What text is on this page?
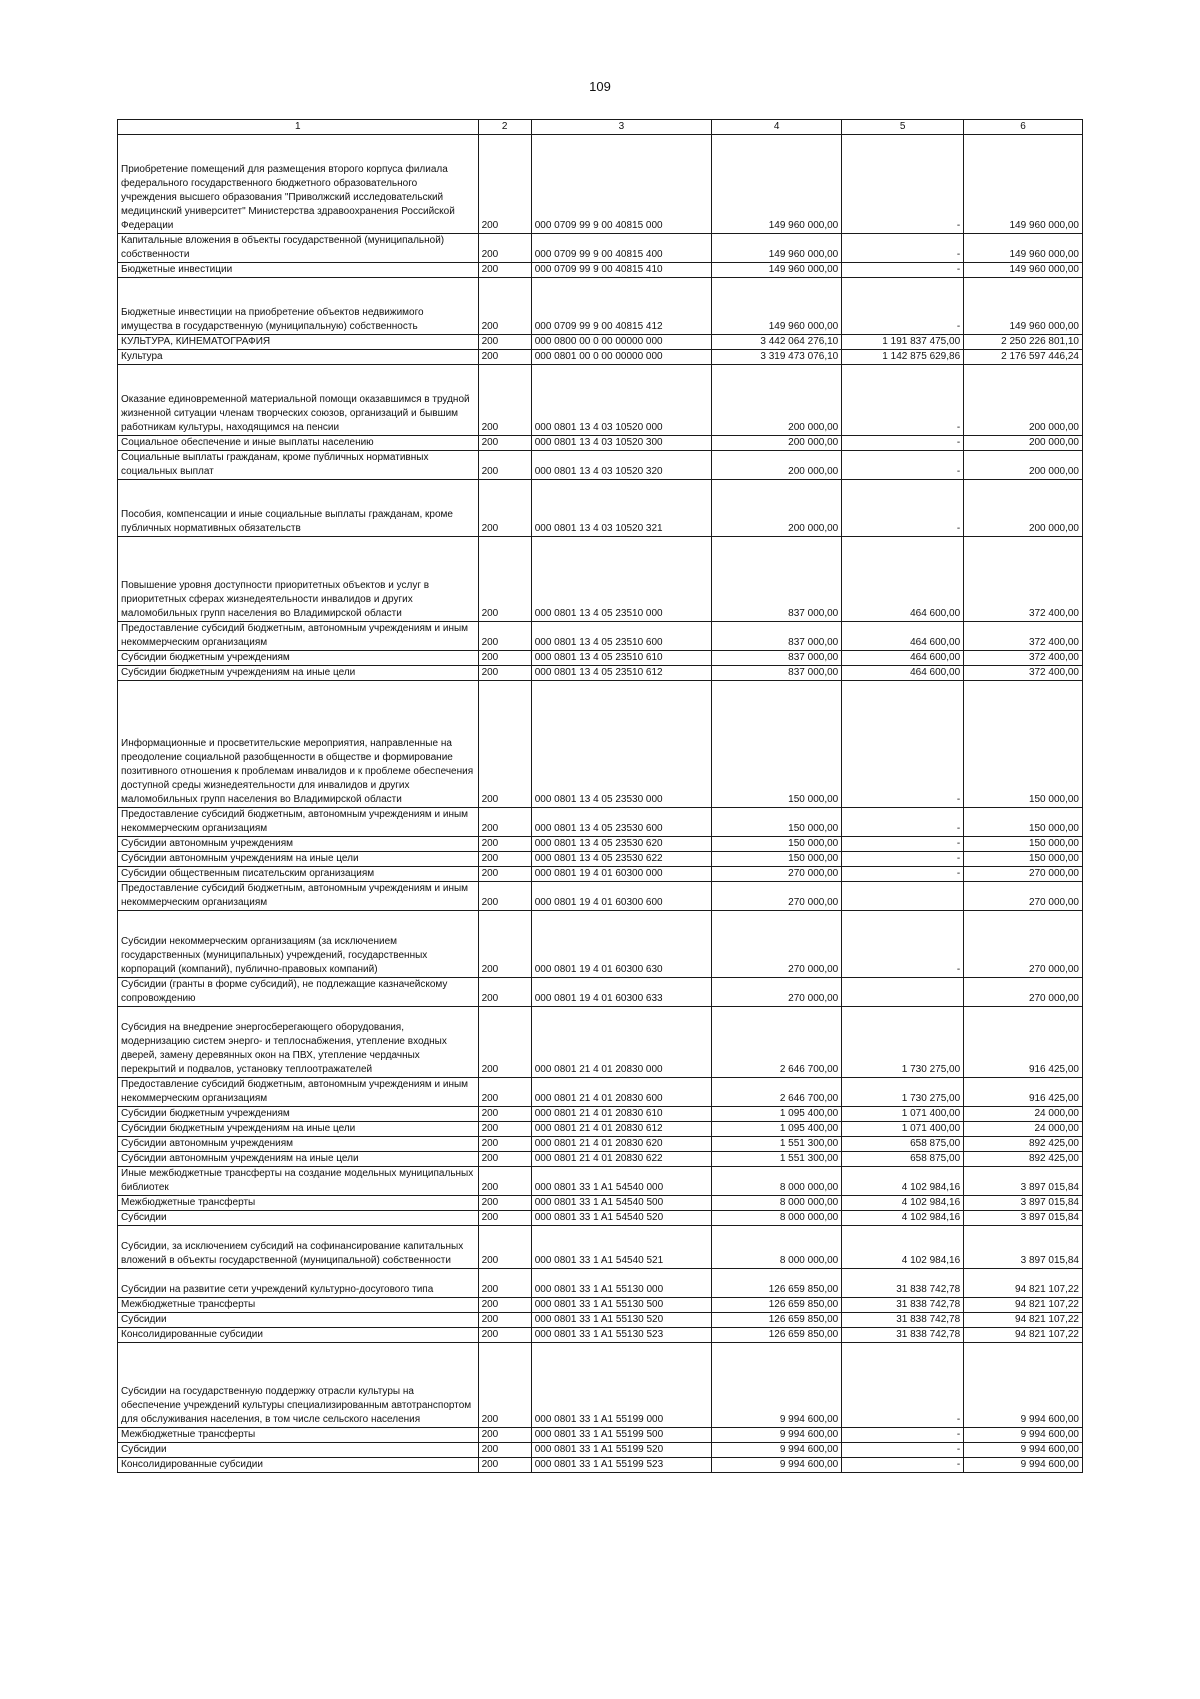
109
1	2	3	4	5	6
Приобретение помещений для размещения второго корпуса филиала федерального государственного бюджетного образовательного учреждения высшего образования "Приволжский исследовательский медицинский университет" Министерства здравоохранения Российской Федерации	200	000 0709 99 9 00 40815 000	149 960 000,00	-	149 960 000,00
Капитальные вложения в объекты государственной (муниципальной) собственности	200	000 0709 99 9 00 40815 400	149 960 000,00	-	149 960 000,00
Бюджетные инвестиции	200	000 0709 99 9 00 40815 410	149 960 000,00	-	149 960 000,00
Бюджетные инвестиции на приобретение объектов недвижимого имущества в государственную (муниципальную) собственность	200	000 0709 99 9 00 40815 412	149 960 000,00	-	149 960 000,00
КУЛЬТУРА, КИНЕМАТОГРАФИЯ	200	000 0800 00 0 00 00000 000	3 442 064 276,10	1 191 837 475,00	2 250 226 801,10
Культура	200	000 0801 00 0 00 00000 000	3 319 473 076,10	1 142 875 629,86	2 176 597 446,24
Оказание единовременной материальной помощи оказавшимся в трудной жизненной ситуации членам творческих союзов, организаций и бывшим работникам культуры, находящимся на пенсии	200	000 0801 13 4 03 10520 000	200 000,00	-	200 000,00
Социальное обеспечение и иные выплаты населению	200	000 0801 13 4 03 10520 300	200 000,00	-	200 000,00
Социальные выплаты гражданам, кроме публичных нормативных социальных выплат	200	000 0801 13 4 03 10520 320	200 000,00	-	200 000,00
Пособия, компенсации и иные социальные выплаты гражданам, кроме публичных нормативных обязательств	200	000 0801 13 4 03 10520 321	200 000,00	-	200 000,00
Повышение уровня доступности приоритетных объектов и услуг в приоритетных сферах жизнедеятельности инвалидов и других маломобильных групп населения во Владимирской области	200	000 0801 13 4 05 23510 000	837 000,00	464 600,00	372 400,00
Предоставление субсидий бюджетным, автономным учреждениям и иным некоммерческим организациям	200	000 0801 13 4 05 23510 600	837 000,00	464 600,00	372 400,00
Субсидии бюджетным учреждениям	200	000 0801 13 4 05 23510 610	837 000,00	464 600,00	372 400,00
Субсидии бюджетным учреждениям на иные цели	200	000 0801 13 4 05 23510 612	837 000,00	464 600,00	372 400,00
Информационные и просветительские мероприятия, направленные на преодоление социальной разобщенности в обществе и формирование позитивного отношения к проблемам инвалидов и к проблеме обеспечения доступной среды жизнедеятельности для инвалидов и других маломобильных групп населения во Владимирской области	200	000 0801 13 4 05 23530 000	150 000,00	-	150 000,00
Предоставление субсидий бюджетным, автономным учреждениям и иным некоммерческим организациям	200	000 0801 13 4 05 23530 600	150 000,00	-	150 000,00
Субсидии автономным учреждениям	200	000 0801 13 4 05 23530 620	150 000,00	-	150 000,00
Субсидии автономным учреждениям на иные цели	200	000 0801 13 4 05 23530 622	150 000,00	-	150 000,00
Субсидии общественным писательским организациям	200	000 0801 19 4 01 60300 000	270 000,00	-	270 000,00
Предоставление субсидий бюджетным, автономным учреждениям и иным некоммерческим организациям	200	000 0801 19 4 01 60300 600	270 000,00		270 000,00
Субсидии некоммерческим организациям (за исключением государственных (муниципальных) учреждений, государственных корпораций (компаний), публично-правовых компаний)	200	000 0801 19 4 01 60300 630	270 000,00	-	270 000,00
Субсидии (гранты в форме субсидий), не подлежащие казначейскому сопровождению	200	000 0801 19 4 01 60300 633	270 000,00		270 000,00
Субсидия на внедрение энергосберегающего оборудования, модернизацию систем энерго- и теплоснабжения, утепление входных дверей, замену деревянных окон на ПВХ, утепление чердачных перекрытий и подвалов, установку теплоотражателей	200	000 0801 21 4 01 20830 000	2 646 700,00	1 730 275,00	916 425,00
Предоставление субсидий бюджетным, автономным учреждениям и иным некоммерческим организациям	200	000 0801 21 4 01 20830 600	2 646 700,00	1 730 275,00	916 425,00
Субсидии бюджетным учреждениям	200	000 0801 21 4 01 20830 610	1 095 400,00	1 071 400,00	24 000,00
Субсидии бюджетным учреждениям на иные цели	200	000 0801 21 4 01 20830 612	1 095 400,00	1 071 400,00	24 000,00
Субсидии автономным учреждениям	200	000 0801 21 4 01 20830 620	1 551 300,00	658 875,00	892 425,00
Субсидии автономным учреждениям на иные цели	200	000 0801 21 4 01 20830 622	1 551 300,00	658 875,00	892 425,00
Иные межбюджетные трансферты на создание модельных муниципальных библиотек	200	000 0801 33 1 A1 54540 000	8 000 000,00	4 102 984,16	3 897 015,84
Межбюджетные трансферты	200	000 0801 33 1 A1 54540 500	8 000 000,00	4 102 984,16	3 897 015,84
Субсидии	200	000 0801 33 1 A1 54540 520	8 000 000,00	4 102 984,16	3 897 015,84
Субсидии, за исключением субсидий на софинансирование капитальных вложений в объекты государственной (муниципальной) собственности	200	000 0801 33 1 A1 54540 521	8 000 000,00	4 102 984,16	3 897 015,84
Субсидии на развитие сети учреждений культурно-досугового типа	200	000 0801 33 1 A1 55130 000	126 659 850,00	31 838 742,78	94 821 107,22
Межбюджетные трансферты	200	000 0801 33 1 A1 55130 500	126 659 850,00	31 838 742,78	94 821 107,22
Субсидии	200	000 0801 33 1 A1 55130 520	126 659 850,00	31 838 742,78	94 821 107,22
Консолидированные субсидии	200	000 0801 33 1 A1 55130 523	126 659 850,00	31 838 742,78	94 821 107,22
Субсидии на государственную поддержку отрасли культуры на обеспечение учреждений культуры специализированным автотранспортом для обслуживания населения, в том числе сельского населения	200	000 0801 33 1 A1 55199 000	9 994 600,00	-	9 994 600,00
Межбюджетные трансферты	200	000 0801 33 1 A1 55199 500	9 994 600,00	-	9 994 600,00
Субсидии	200	000 0801 33 1 A1 55199 520	9 994 600,00	-	9 994 600,00
Консолидированные субсидии	200	000 0801 33 1 A1 55199 523	9 994 600,00	-	9 994 600,00
